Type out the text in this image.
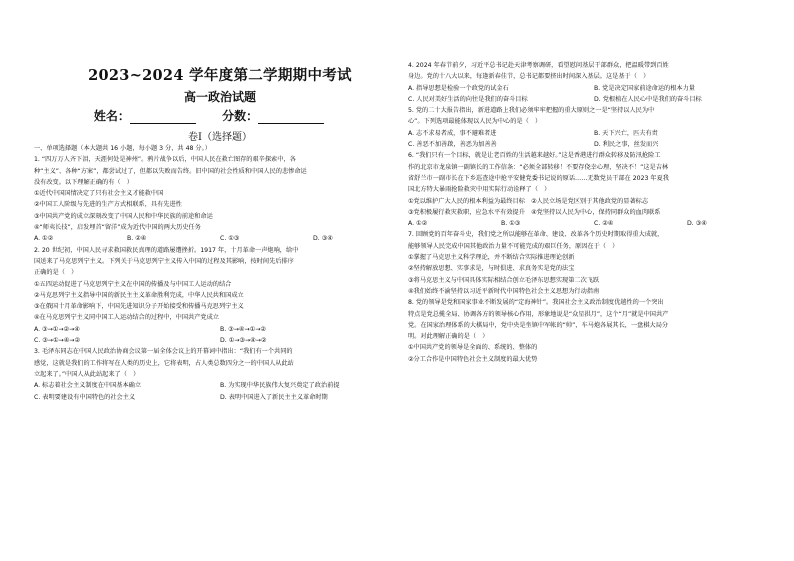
2023~2024 学年度第二学期期中考试
高一政治试题
姓名：	分数：
卷Ⅰ（选择题）
一、单项选择题（本大题共 16 小题，每小题 3 分，共 48 分。）
1. “四万万人齐下泪，天涯何处是神州”。鸦片战争以后，中国人民在救亡图存的艰辛探索中，各
种“主义”、各种“方案”，都尝试过了，但都以失败而告终。旧中国的社会性质和中国人民的悲惨命运
没有改变。以下理解正确的有（　）
①近代中国国情决定了只有社会主义才能救中国
②中国工人阶级与先进的生产方式相联系，具有先进性
③中国共产党的成立深刻改变了中国人民和中华民族的前途和命运
④“师夷长技”，启发埋首“留洋”成为近代中国的两大历史任务
A. ①②	B. ②④	C. ①③	D. ③④
2. 20 世纪初，中国人民寻求救国救民真理的道路屡遭挫折。1917 年，十月革命一声炮响，给中
国送来了马克思列宁主义。下列关于马克思列宁主义传入中国的过程及其影响，按时间先后排序
正确的是（　）
①五四运动促进了马克思列宁主义在中国的传播及与中国工人运动的结合
②马克思列宁主义指导中国的新民主主义革命胜利完成，中华人民共和国成立
③在俄国十月革命影响下，中国先进知识分子开始接受和传播马克思列宁主义
④在马克思列宁主义同中国工人运动结合的过程中，中国共产党成立
A. ③→①→②→④	B. ③→④→①→②
C. ③→①→④→②	D. ①→③→④→②
3. 毛泽东同志在中国人民政治协商会议第一届全体会议上的开幕词中指出：“我们有一个共同的
感觉，这就是我们的工作将写在人类的历史上，它将表明，占人类总数四分之一的中国人从此站
立起来了。”中国人从此站起来了（　）
A. 标志着社会主义制度在中国基本确立	B. 为实现中华民族伟大复兴奠定了政治前提
C. 表明要建设有中国特色的社会主义	D. 表明中国进入了新民主主义革命时期
4. 2024 年春节前夕，习近平总书记赴天津考察调研，看望慰问基层干部群众，把温暖带到百姓
身边。党的十八大以来，每逢新春佳节，总书记都要挤出时间深入基层。这是基于（　）
A. 指导思想是检验一个政党的试金石	B. 党是决定国家前途命运的根本力量
C. 人民对美好生活的向往是我们的奋斗目标	D. 党根植在人民心中是我们的奋斗目标
5. 党的二十大报告指出，新进道路上我们必须牢牢把握的重大原则之一是“坚持以人民为中
心”。下列选项最能体现以人民为中心的是（　）
A. 志不求易者成，事不避难者进	B. 天下兴亡，匹夫有责
C. 善恶不加善啟，善恶为加善善	D. 利民之事，丝发而兴
6. “我们只有一个目标，就是让老百姓的生活越来越好。”这是香港进行群众转移及防汛抢险工
作的北京市龙泉镇一副镇长的工作信条：“必须全部转移！不要存侥幸心理，坚决不！”这是吉林
省舒兰市一副市长在下乡巡查途中抢平安健党委书记说的原话……无数党员干部在 2023 年夏我
国北方特大暴雨抢险救灾中用实际行动诠释了（　）
①党以维护广大人民的根本利益为最终目标　②人民立场是党区别于其他政党的显著标志
③党积极履行救灾救职，应急水平有效提升　④党坚持以人民为中心，保持同群众的血肉联系
A. ①②	B. ①③	C. ②④	D. ③④
7. 回顾党的百年奋斗史，我们党之所以能够在革命、建设、改革各个历史时期取得重大成就，
能够领导人民完成中国其他政治力量不可能完成的艰巨任务，原因在于（　）
①掌握了马克思主义科学理论，并不断结合实际推进理论创新
②坚持解放思想、实事求是，与时俱进、求真务实是党的法宝
③将马克思主义与中国具体实际相结合创立毛泽东思想实现第二次飞跃
④我们始终不渝坚持以习近平新时代中国特色社会主义思想为行动指南
8. 党的领导是党和国家事业不断发展的“定海神针”。我国社会主义政治制度优越性的一个突出
特点是党总揽全局、协调各方的领导核心作用，形象地说是“众星拱月”，这个“月”就是中国共产
党。在国家治理体系的大棋局中，党中央是坐镇中军帐的“帅”，车马炮各展其长，一盘棋大局分
明。对此理解正确的是（　）
①中国共产党的领导是全面的、系统的、整体的
②分工合作是中国特色社会主义制度的最大优势
